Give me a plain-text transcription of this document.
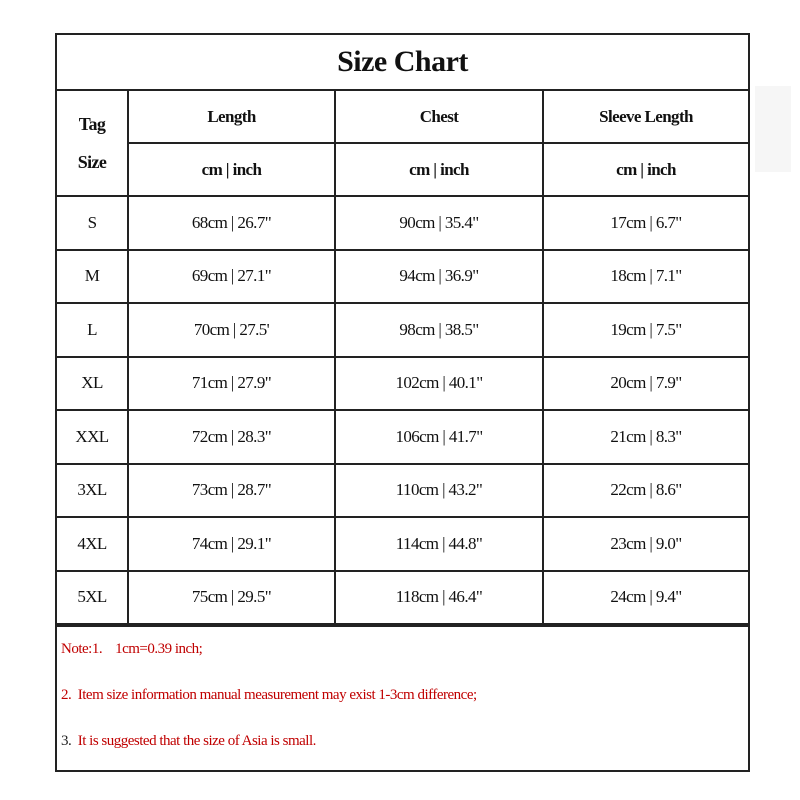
Size Chart
Tag
Size	Length	Chest	Sleeve Length
	cm | inch	cm | inch	cm | inch
S	68cm | 26.7"	90cm | 35.4"	17cm | 6.7"
M	69cm | 27.1"	94cm | 36.9"	18cm | 7.1"
L	70cm | 27.5'	98cm | 38.5"	19cm | 7.5"
XL	71cm | 27.9"	102cm | 40.1"	20cm | 7.9"
XXL	72cm | 28.3"	106cm | 41.7"	21cm | 8.3"
3XL	73cm | 28.7"	110cm | 43.2"	22cm | 8.6"
4XL	74cm | 29.1"	114cm | 44.8"	23cm | 9.0"
5XL	75cm | 29.5"	118cm | 46.4"	24cm | 9.4"
Note:1.    1cm=0.39 inch;
2.  Item size information manual measurement may exist 1-3cm difference;
3.  It is suggested that the size of Asia is small.
